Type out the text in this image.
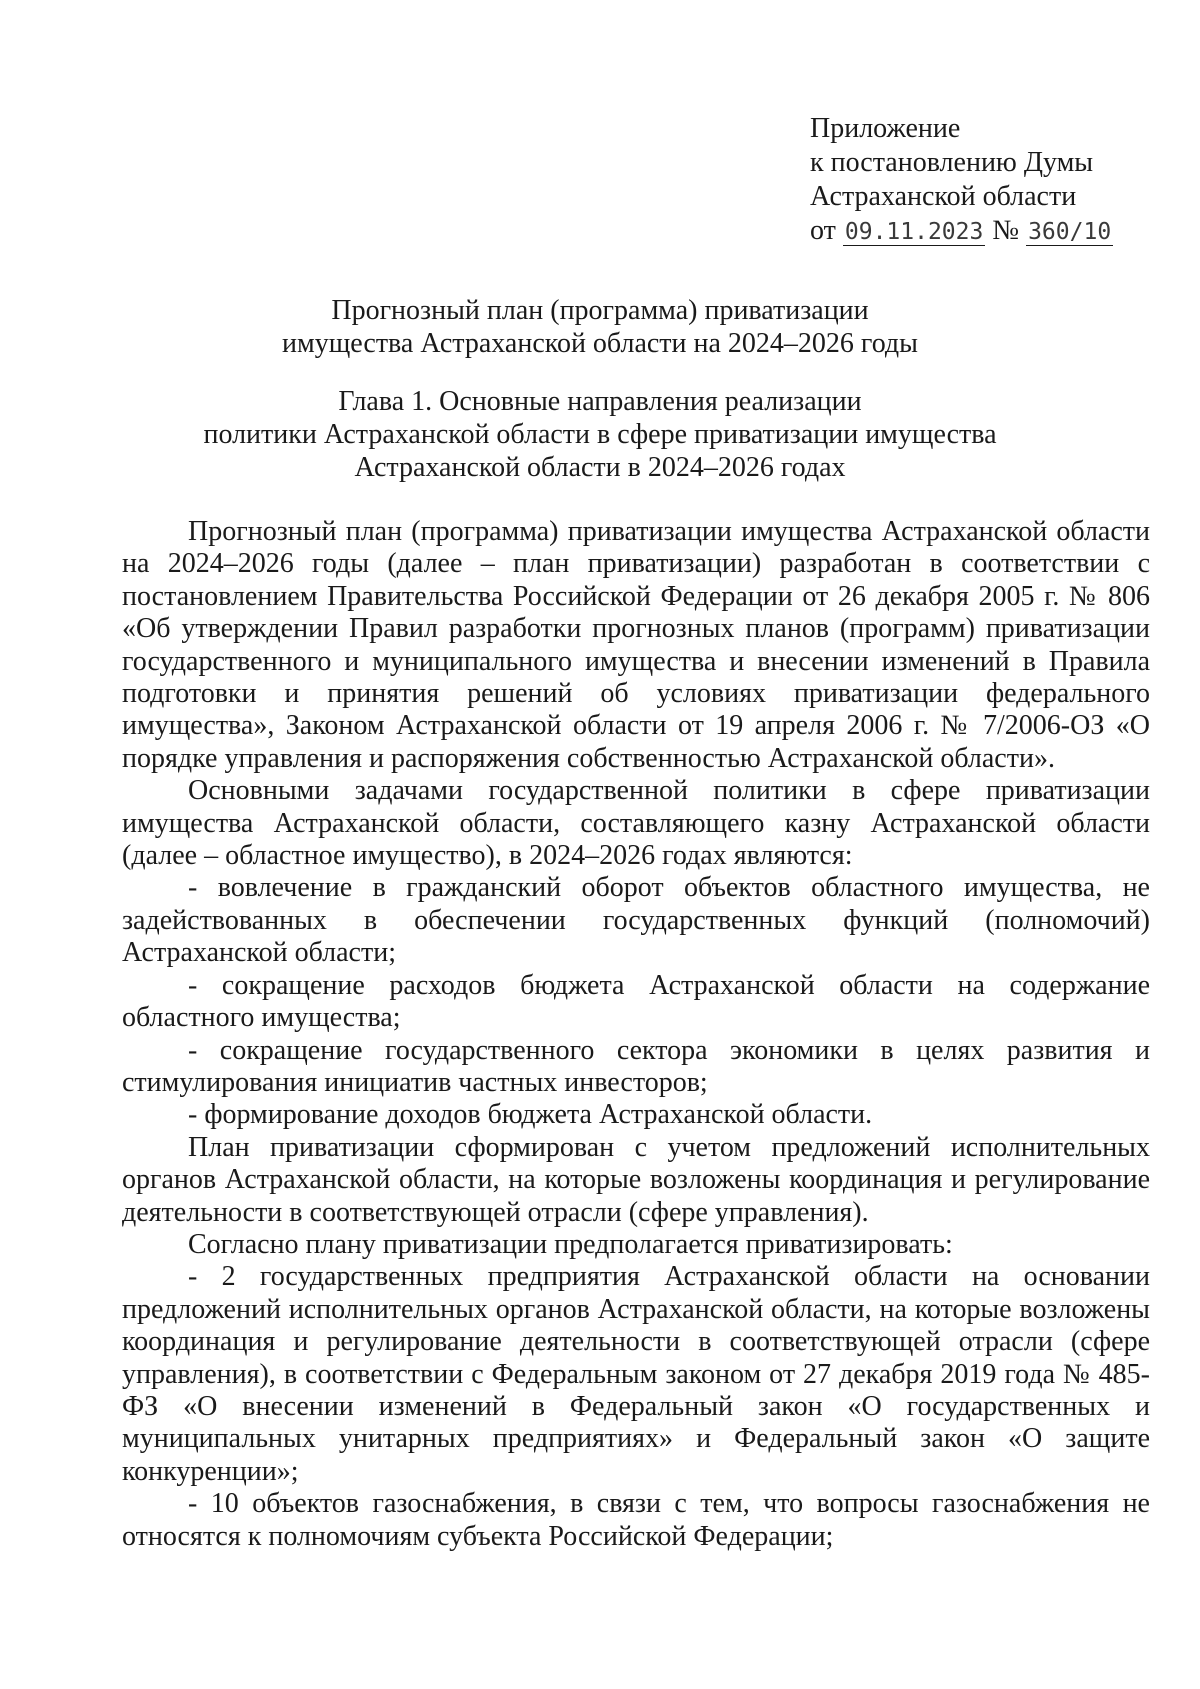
Приложение
к постановлению Думы
Астраханской области
от 09.11.2023 № 360/10
Прогнозный план (программа) приватизации
имущества Астраханской области на 2024–2026 годы
Глава 1. Основные направления реализации
политики Астраханской области в сфере приватизации имущества
Астраханской области в 2024–2026 годах

Прогнозный план (программа) приватизации имущества Астраханской области на 2024–2026 годы (далее – план приватизации) разработан в соответствии с постановлением Правительства Российской Федерации от 26 декабря 2005 г. № 806 «Об утверждении Правил разработки прогнозных планов (программ) приватизации государственного и муниципального имущества и внесении изменений в Правила подготовки и принятия решений об условиях приватизации федерального имущества», Законом Астраханской области от 19 апреля 2006 г. № 7/2006-ОЗ «О порядке управления и распоряжения собственностью Астраханской области».

Основными задачами государственной политики в сфере приватизации имущества Астраханской области, составляющего казну Астраханской области (далее – областное имущество), в 2024–2026 годах являются:

- вовлечение в гражданский оборот объектов областного имущества, не задействованных в обеспечении государственных функций (полномочий) Астраханской области;

- сокращение расходов бюджета Астраханской области на содержание областного имущества;

- сокращение государственного сектора экономики в целях развития и стимулирования инициатив частных инвесторов;

- формирование доходов бюджета Астраханской области.

План приватизации сформирован с учетом предложений исполнительных органов Астраханской области, на которые возложены координация и регулирование деятельности в соответствующей отрасли (сфере управления).

Согласно плану приватизации предполагается приватизировать:

- 2 государственных предприятия Астраханской области на основании предложений исполнительных органов Астраханской области, на которые возложены координация и регулирование деятельности в соответствующей отрасли (сфере управления), в соответствии с Федеральным законом от 27 декабря 2019 года № 485-ФЗ «О внесении изменений в Федеральный закон «О государственных и муниципальных унитарных предприятиях» и Федеральный закон «О защите конкуренции»;

- 10 объектов газоснабжения, в связи с тем, что вопросы газоснабжения не относятся к полномочиям субъекта Российской Федерации;
